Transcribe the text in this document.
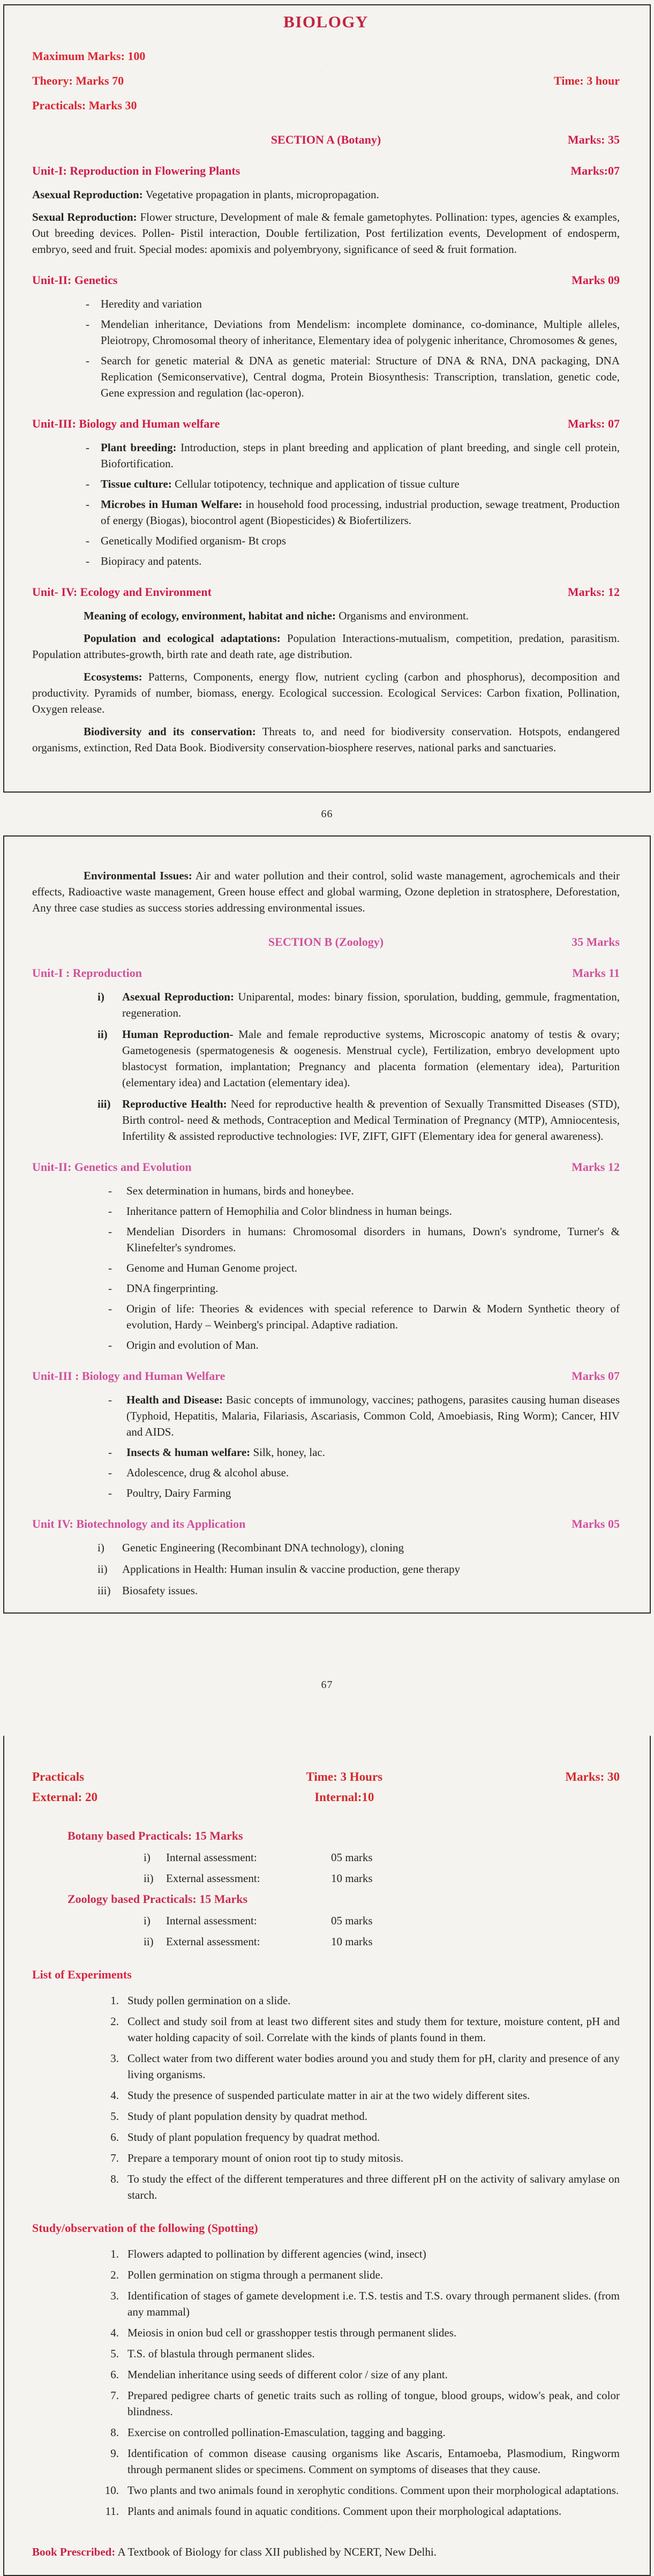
BIOLOGY
Maximum Marks: 100
Theory: Marks 70	Time: 3 hour
Practicals: Marks 30
SECTION A (Botany)	Marks: 35
Unit-I: Reproduction in Flowering Plants	Marks:07

Asexual Reproduction: Vegetative propagation in plants, micropropagation.

Sexual Reproduction: Flower structure, Development of male & female gametophytes. Pollination: types, agencies & examples, Out breeding devices. Pollen- Pistil interaction, Double fertilization, Post fertilization events, Development of endosperm, embryo, seed and fruit. Special modes: apomixis and polyembryony, significance of seed & fruit formation.

Unit-II: Genetics	Marks 09
- Heredity and variation
- Mendelian inheritance, Deviations from Mendelism: incomplete dominance, co-dominance, Multiple alleles, Pleiotropy, Chromosomal theory of inheritance, Elementary idea of polygenic inheritance, Chromosomes & genes,
- Search for genetic material & DNA as genetic material: Structure of DNA & RNA, DNA packaging, DNA Replication (Semiconservative), Central dogma, Protein Biosynthesis: Transcription, translation, genetic code, Gene expression and regulation (lac-operon).
Unit-III: Biology and Human welfare	Marks: 07
- Plant breeding: Introduction, steps in plant breeding and application of plant breeding, and single cell protein, Biofortification.
- Tissue culture: Cellular totipotency, technique and application of tissue culture
- Microbes in Human Welfare: in household food processing, industrial production, sewage treatment, Production of energy (Biogas), biocontrol agent (Biopesticides) & Biofertilizers.
- Genetically Modified organism- Bt crops
- Biopiracy and patents.
Unit- IV: Ecology and Environment	Marks: 12

Meaning of ecology, environment, habitat and niche: Organisms and environment.

Population and ecological adaptations: Population Interactions-mutualism, competition, predation, parasitism. Population attributes-growth, birth rate and death rate, age distribution.

Ecosystems: Patterns, Components, energy flow, nutrient cycling (carbon and phosphorus), decomposition and productivity. Pyramids of number, biomass, energy. Ecological succession. Ecological Services: Carbon fixation, Pollination, Oxygen release.

Biodiversity and its conservation: Threats to, and need for biodiversity conservation. Hotspots, endangered organisms, extinction, Red Data Book. Biodiversity conservation-biosphere reserves, national parks and sanctuaries.

66

Environmental Issues: Air and water pollution and their control, solid waste management, agrochemicals and their effects, Radioactive waste management, Green house effect and global warming, Ozone depletion in stratosphere, Deforestation, Any three case studies as success stories addressing environmental issues.

SECTION B (Zoology)	35 Marks
Unit-I : Reproduction	Marks 11
i)	Asexual Reproduction: Uniparental, modes: binary fission, sporulation, budding, gemmule, fragmentation, regeneration.

ii)	Human Reproduction- Male and female reproductive systems, Microscopic anatomy of testis & ovary; Gametogenesis (spermatogenesis & oogenesis. Menstrual cycle), Fertilization, embryo development upto blastocyst formation, implantation; Pregnancy and placenta formation (elementary idea), Parturition (elementary idea) and Lactation (elementary idea).

iii)	Reproductive Health: Need for reproductive health & prevention of Sexually Transmitted Diseases (STD), Birth control- need & methods, Contraception and Medical Termination of Pregnancy (MTP), Amniocentesis, Infertility & assisted reproductive technologies: IVF, ZIFT, GIFT (Elementary idea for general awareness).

Unit-II: Genetics and Evolution	Marks 12
- Sex determination in humans, birds and honeybee.
- Inheritance pattern of Hemophilia and Color blindness in human beings.
- Mendelian Disorders in humans: Chromosomal disorders in humans, Down's syndrome, Turner's & Klinefelter's syndromes.
- Genome and Human Genome project.
- DNA fingerprinting.
- Origin of life: Theories & evidences with special reference to Darwin & Modern Synthetic theory of evolution, Hardy – Weinberg's principal. Adaptive radiation.
- Origin and evolution of Man.
Unit-III : Biology and Human Welfare	Marks 07
- Health and Disease: Basic concepts of immunology, vaccines; pathogens, parasites causing human diseases (Typhoid, Hepatitis, Malaria, Filariasis, Ascariasis, Common Cold, Amoebiasis, Ring Worm); Cancer, HIV and AIDS.
- Insects & human welfare: Silk, honey, lac.
- Adolescence, drug & alcohol abuse.
- Poultry, Dairy Farming
Unit IV: Biotechnology and its Application	Marks 05
i)	Genetic Engineering (Recombinant DNA technology), cloning

ii)	Applications in Health: Human insulin & vaccine production, gene therapy

iii)	Biosafety issues.

67
Practicals	Time: 3 Hours	Marks: 30
External: 20	Internal:10
Botany based Practicals: 15 Marks
i)	Internal assessment:	05 marks
ii)	External assessment:	10 marks
Zoology based Practicals: 15 Marks
i)	Internal assessment:	05 marks
ii)	External assessment:	10 marks
List of Experiments
1. Study pollen germination on a slide.
2. Collect and study soil from at least two different sites and study them for texture, moisture content, pH and water holding capacity of soil. Correlate with the kinds of plants found in them.
3. Collect water from two different water bodies around you and study them for pH, clarity and presence of any living organisms.
4. Study the presence of suspended particulate matter in air at the two widely different sites.
5. Study of plant population density by quadrat method.
6. Study of plant population frequency by quadrat method.
7. Prepare a temporary mount of onion root tip to study mitosis.
8. To study the effect of the different temperatures and three different pH on the activity of salivary amylase on starch.
Study/observation of the following (Spotting)
1. Flowers adapted to pollination by different agencies (wind, insect)
2. Pollen germination on stigma through a permanent slide.
3. Identification of stages of gamete development i.e. T.S. testis and T.S. ovary through permanent slides. (from any mammal)
4. Meiosis in onion bud cell or grasshopper testis through permanent slides.
5. T.S. of blastula through permanent slides.
6. Mendelian inheritance using seeds of different color / size of any plant.
7. Prepared pedigree charts of genetic traits such as rolling of tongue, blood groups, widow's peak, and color blindness.
8. Exercise on controlled pollination-Emasculation, tagging and bagging.
9. Identification of common disease causing organisms like Ascaris, Entamoeba, Plasmodium, Ringworm through permanent slides or specimens. Comment on symptoms of diseases that they cause.
10. Two plants and two animals found in xerophytic conditions. Comment upon their morphological adaptations.
11. Plants and animals found in aquatic conditions. Comment upon their morphological adaptations.

Book Prescribed: A Textbook of Biology for class XII published by NCERT, New Delhi.
